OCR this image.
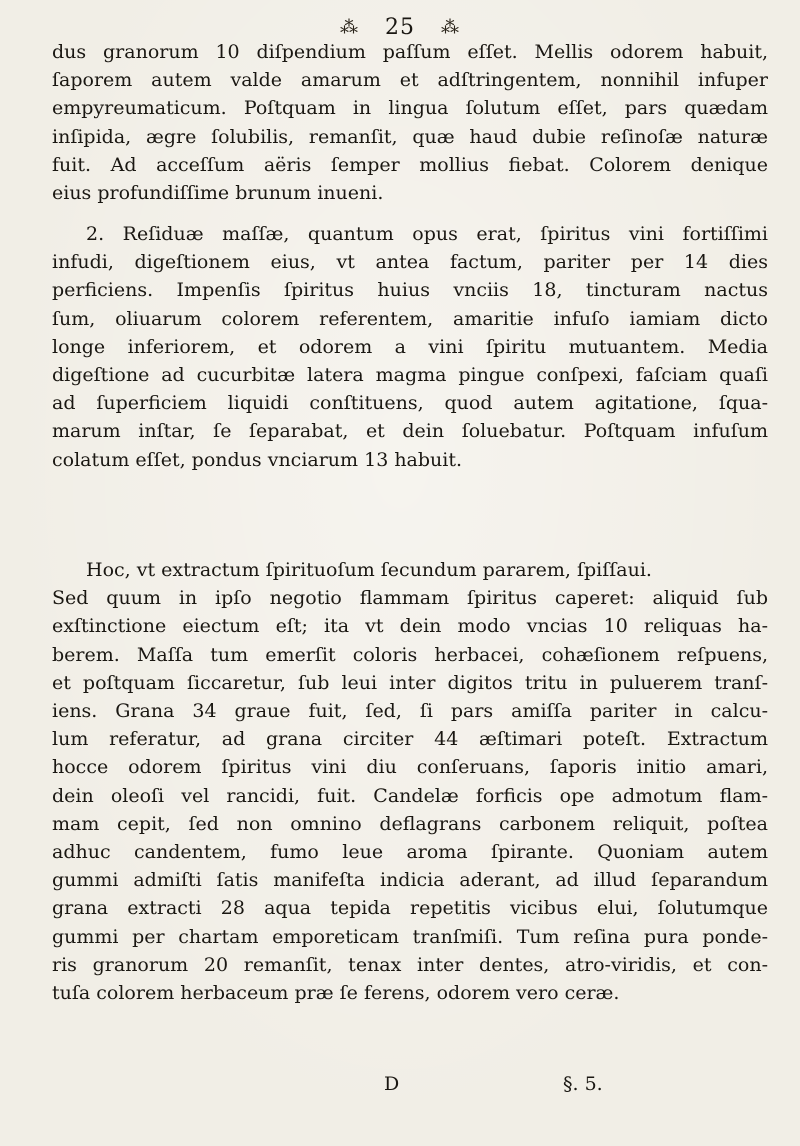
⁂ 25 ⁂
dus granorum 10 diſpendium paſſum eſſet. Mellis odorem habuit,
ſaporem autem valde amarum et adſtringentem, nonnihil infuper
empyreumaticum. Poſtquam in lingua ſolutum eſſet, pars quædam
inſipida, ægre ſolubilis, remanſit, quæ haud dubie reſinoſæ naturæ
fuit. Ad acceſſum aëris ſemper mollius fiebat. Colorem denique
eius profundiſſime brunum inueni.
2. Reſiduæ maſſæ, quantum opus erat, ſpiritus vini fortiſſimi
infudi, digeſtionem eius, vt antea factum, pariter per 14 dies
perficiens. Impenſis ſpiritus huius vnciis 18, tincturam nactus
ſum, oliuarum colorem referentem, amaritie infuſo iamiam dicto
longe inferiorem, et odorem a vini ſpiritu mutuantem. Media
digeſtione ad cucurbitæ latera magma pingue conſpexi, faſciam quaſi
ad ſuperficiem liquidi conſtituens, quod autem agitatione, ſqua-
marum inſtar, ſe ſeparabat, et dein ſoluebatur. Poſtquam infuſum
colatum eſſet, pondus vnciarum 13 habuit.
Hoc, vt extractum ſpirituoſum ſecundum pararem, ſpiſſaui.
Sed quum in ipſo negotio flammam ſpiritus caperet: aliquid ſub
exſtinctione eiectum eſt; ita vt dein modo vncias 10 reliquas ha-
berem. Maſſa tum emerſit coloris herbacei, cohæſionem reſpuens,
et poſtquam ſiccaretur, ſub leui inter digitos tritu in puluerem tranſ-
iens. Grana 34 graue fuit, ſed, ſi pars amiſſa pariter in calcu-
lum referatur, ad grana circiter 44 æſtimari poteſt. Extractum
hocce odorem ſpiritus vini diu conſeruans, ſaporis initio amari,
dein oleoſi vel rancidi, fuit. Candelæ forficis ope admotum flam-
mam cepit, ſed non omnino deflagrans carbonem reliquit, poſtea
adhuc candentem, fumo leue aroma ſpirante. Quoniam autem
gummi admiſti ſatis manifeſta indicia aderant, ad illud ſeparandum
grana extracti 28 aqua tepida repetitis vicibus elui, ſolutumque
gummi per chartam emporeticam tranſmiſi. Tum reſina pura ponde-
ris granorum 20 remanſit, tenax inter dentes, atro-viridis, et con-
tuſa colorem herbaceum præ ſe ferens, odorem vero ceræ.
D	§. 5.
